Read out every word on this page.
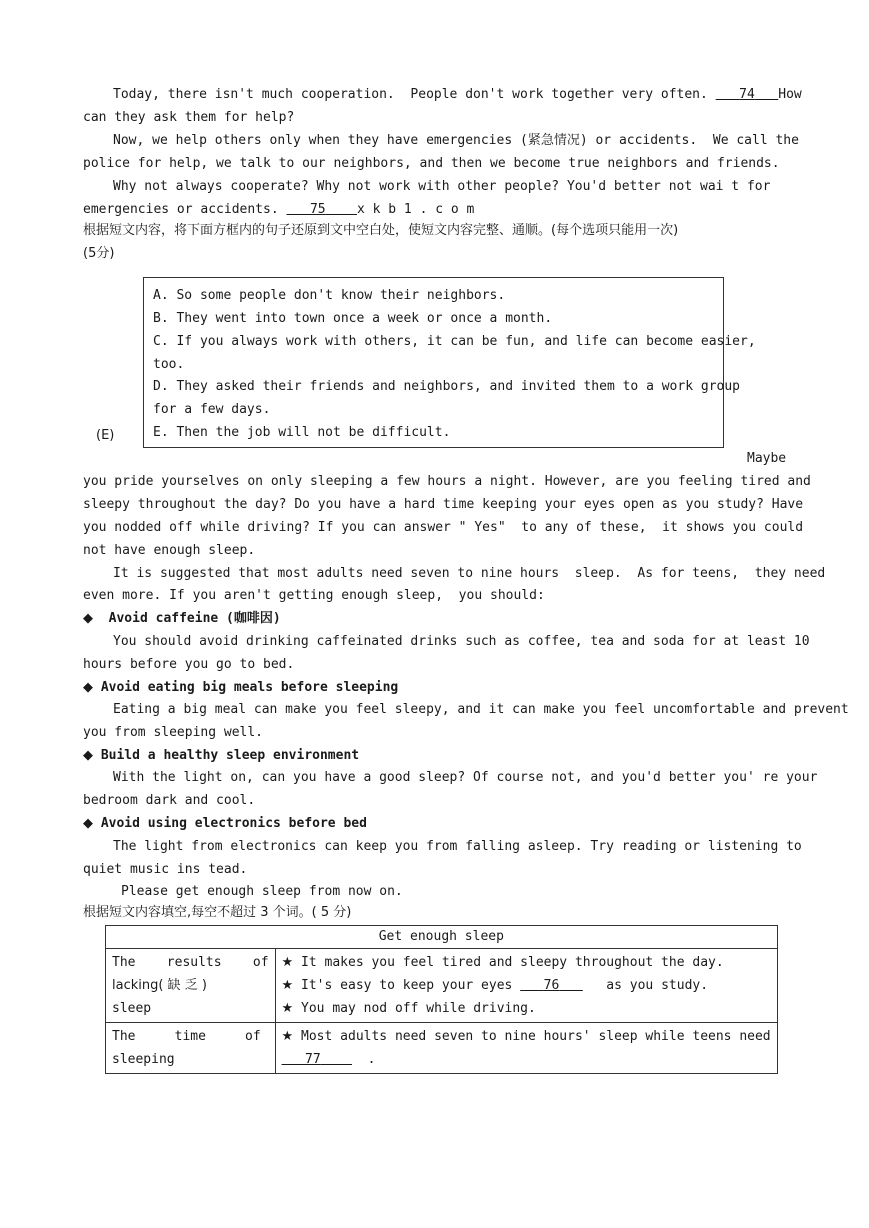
Today, there isn't much cooperation.  People don't work together very often. 74 How
can they ask them for help?
Now, we help others only when they have emergencies (紧急情况) or accidents.  We call the
police for help, we talk to our neighbors, and then we become true neighbors and friends.
Why not always cooperate? Why not work with other people? You'd better not wai t for
emergencies or accidents. 75 x k b 1 . c o m
根据短文内容，将下面方框内的句子还原到文中空白处，使短文内容完整、通顺。(每个选项只能用一次)
(5分)
A. So some people don't know their neighbors.
B. They went into town once a week or once a month.
C. If you always work with others, it can be fun, and life can become easier,
too.
D. They asked their friends and neighbors, and invited them to a work group
for a few days.
E. Then the job will not be difficult.
(E)
Maybe
you pride yourselves on only sleeping a few hours a night. However, are you feeling tired and
sleepy throughout the day? Do you have a hard time keeping your eyes open as you study? Have
you nodded off while driving? If you can answer " Yes"  to any of these,  it shows you could
not have enough sleep.
It is suggested that most adults need seven to nine hours  sleep.  As for teens,  they need
even more. If you aren't getting enough sleep,  you should:
◆ Avoid caffeine (咖啡因)
You should avoid drinking caffeinated drinks such as coffee, tea and soda for at least 10
hours before you go to bed.
◆ Avoid eating big meals before sleeping
Eating a big meal can make you feel sleepy, and it can make you feel uncomfortable and prevent
you from sleeping well.
◆ Build a healthy sleep environment
With the light on, can you have a good sleep? Of course not, and you'd better you' re your
bedroom dark and cool.
◆ Avoid using electronics before bed
The light from electronics can keep you from falling asleep. Try reading or listening to
quiet music ins tead.
Please get enough sleep from now on.
根据短文内容填空,每空不超过 3 个词。( 5 分)
Get enough sleep	

The    results    of
lacking( 缺 乏 )
sleep	★ It makes you feel tired and sleepy throughout the day.
★ It's easy to keep your eyes 76 as you study.
★ You may nod off while driving.

The     time     of
sleeping	★ Most adults need seven to nine hours' sleep while teens need
77 .
